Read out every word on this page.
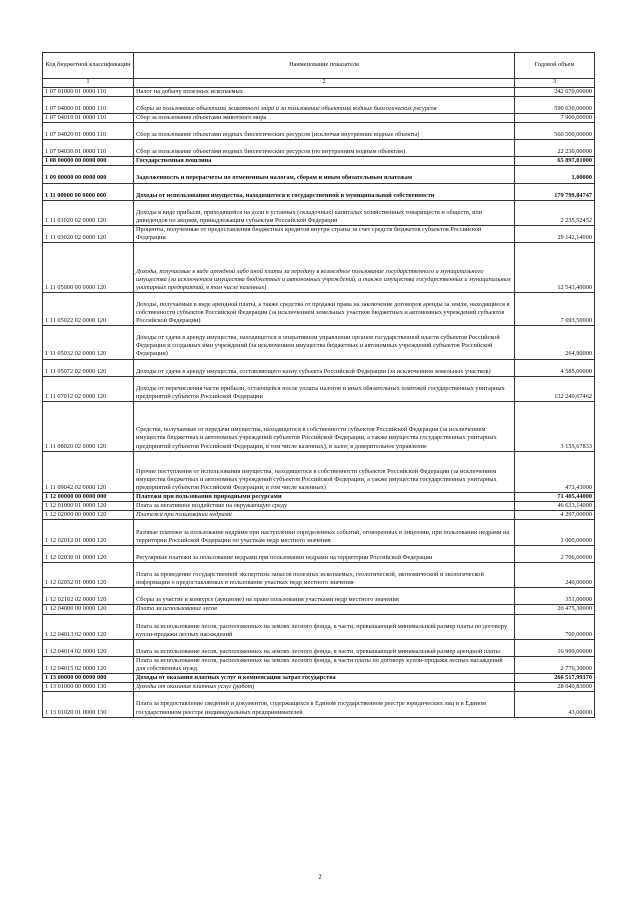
Код бюджетной классификации	Наименование показателя	Годовой объем
1	2	3
1 07 01000 01 0000 110	Налог на добычу полезных ископаемых	242 670,00000
1 07 04000 01 0000 110	Сборы за пользование объектами животного мира и за пользование объектами водных биологических ресурсов	590 630,00000
1 07 04010 01 0000 110	Сбор за пользование объектами животного мира	7 900,00000
1 07 04020 01 0000 110	Сбор за пользование объектами водных биологических ресурсов (исключая внутренние водные объекты)	560 500,00000
1 07 04030 01 0000 110	Сбор за пользование объектами водных биологических ресурсов (по внутренним водным объектам)	22 230,00000
1 08 00000 00 0000 000	Государственная пошлина	65 897,01000
1 09 00000 00 0000 000	Задолженность и перерасчеты по отмененным налогам, сборам и иным обязательным платежам	1,00000
1 11 00000 00 0000 000	Доходы от использования имущества, находящегося в государственной и муниципальной собственности	179 799,84747
1 11 01020 02 0000 120	Доходы в виде прибыли, приходящейся на доли в уставных (складочных) капиталах хозяйственных товариществ и обществ, или дивидендов по акциям, принадлежащим субъектам Российской Федерации	2 235,52452
1 11 03020 02 0000 120	Проценты, полученные от предоставления бюджетных кредитов внутри страны за счет средств бюджетов субъектов Российской Федерации	29 142,14000
1 11 05000 00 0000 120	Доходы, получаемые в виде арендной либо иной платы за передачу в возмездное пользование государственного и муниципального имущества (за исключением имущества бюджетных и автономных учреждений, а также имущества государственных и муниципальных унитарных предприятий, в том числе казенных)	12 543,40000
1 11 05022 02 0000 120	Доходы, получаемые в виде арендной платы, а также средства от продажи права на заключение договоров аренды за земли, находящиеся в собственности субъектов Российской Федерации (за исключением земельных участков бюджетных и автономных учреждений субъектов Российской Федерации)	7 693,50000
1 11 05032 02 0000 120	Доходы от сдачи в аренду имущества, находящегося в оперативном управлении органов государственной власти субъектов Российской Федерации и созданных ими учреждений (за исключением имущества бюджетных и автономных учреждений субъектов Российской Федерации)	264,90000
1 11 05072 02 0000 120	Доходы от сдачи в аренду имущества, составляющего казну субъекта Российской Федерации (за исключением земельных участков)	4 585,00000
1 11 07012 02 0000 120	Доходы от перечисления части прибыли, остающейся после уплаты налогов и иных обязательных платежей государственных унитарных предприятий субъектов Российской Федерации	132 249,67462
1 11 08020 02 0000 120	Средства, получаемые от передачи имущества, находящегося в собственности субъектов Российской Федерации (за исключением имущества бюджетных и автономных учреждений субъектов Российской Федерации, а также имущества государственных унитарных предприятий субъектов Российской Федерации, в том числе казенных), в залог, в доверительное управление	3 155,67833
1 11 09042 02 0000 120	Прочие поступления от использования имущества, находящегося в собственности субъектов Российской Федерации (за исключением имущества бюджетных и автономных учреждений субъектов Российской Федерации, а также имущества государственных унитарных предприятий субъектов Российской Федерации, в том числе казенных)	473,43000
1 12 00000 00 0000 000	Платежи при пользовании природными ресурсами	71 405,44000
1 12 01000 01 0000 120	Плата за негативное воздействие на окружающую среду	46 633,14000
1 12 02000 00 0000 120	Платежи при пользовании недрами	4 297,00000
1 12 02012 01 0000 120	Разовые платежи за пользование недрами при наступлении определенных событий, оговоренных в лицензии, при пользовании недрами на территории Российской Федерации по участкам недр местного значения	1 000,00000
1 12 02030 01 0000 120	Регулярные платежи за пользование недрами при пользовании недрами на территории Российской Федерации	2 706,00000
1 12 02052 01 0000 120	Плата за проведение государственной экспертизы запасов полезных ископаемых, геологической, экономической и экологической информации о предоставляемых в пользование участках недр местного значения	240,00000
1 12 02102 02 0000 120	Сборы за участие в конкурсе (аукционе) на право пользования участками недр местного значения	351,00000
1 12 04000 00 0000 120	Плата за использование лесов	20 475,30000
1 12 04013 02 0000 120	Плата за использование лесов, расположенных на землях лесного фонда, в части, превышающей минимальный размер платы по договору купли-продажи лесных насаждений	700,00000
1 12 04014 02 0000 120	Плата за использование лесов, расположенных на землях лесного фонда, в части, превышающей минимальный размер арендной платы	16 999,00000
1 12 04015 02 0000 120	Плата за использование лесов, расположенных на землях лесного фонда, в части платы по договору купли-продажи лесных насаждений для собственных нужд	2 776,30000
1 13 00000 00 0000 000	Доходы от оказания платных услуг и компенсации затрат государства	266 517,99370
1 13 01000 00 0000 130	Доходы от оказания платных услуг (работ)	28 040,83000
1 13 01020 01 0000 130	Плата за предоставление сведений и документов, содержащихся в Едином государственном реестре юридических лиц и в Едином государственном реестре индивидуальных предпринимателей	43,00000
2
